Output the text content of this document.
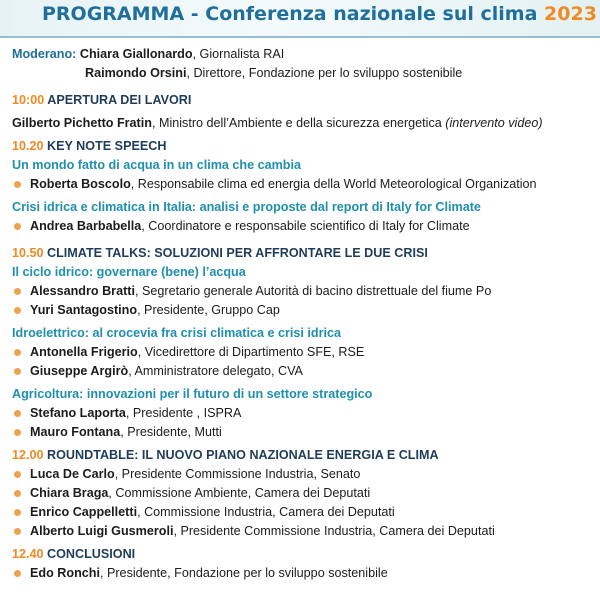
PROGRAMMA - Conferenza nazionale sul clima 2023
Moderano: Chiara Giallonardo, Giornalista RAI
Raimondo Orsini, Direttore, Fondazione per lo sviluppo sostenibile
10:00 APERTURA DEI LAVORI
Gilberto Pichetto Fratin, Ministro dell’Ambiente e della sicurezza energetica (intervento video)
10.20 KEY NOTE SPEECH
Un mondo fatto di acqua in un clima che cambia
Roberta Boscolo, Responsabile clima ed energia della World Meteorological Organization
Crisi idrica e climatica in Italia: analisi e proposte dal report di Italy for Climate
Andrea Barbabella, Coordinatore e responsabile scientifico di Italy for Climate
10.50 CLIMATE TALKS: SOLUZIONI PER AFFRONTARE LE DUE CRISI
Il ciclo idrico: governare (bene) l’acqua
Alessandro Bratti, Segretario generale Autorità di bacino distrettuale del fiume Po
Yuri Santagostino, Presidente, Gruppo Cap
Idroelettrico: al crocevia fra crisi climatica e crisi idrica
Antonella Frigerio, Vicedirettore di Dipartimento SFE, RSE
Giuseppe Argirò, Amministratore delegato, CVA
Agricoltura: innovazioni per il futuro di un settore strategico
Stefano Laporta, Presidente , ISPRA
Mauro Fontana, Presidente, Mutti
12.00 ROUNDTABLE: IL NUOVO PIANO NAZIONALE ENERGIA E CLIMA
Luca De Carlo, Presidente Commissione Industria, Senato
Chiara Braga, Commissione Ambiente, Camera dei Deputati
Enrico Cappelletti, Commissione Industria, Camera dei Deputati
Alberto Luigi Gusmeroli, Presidente Commissione Industria, Camera dei Deputati
12.40 CONCLUSIONI
Edo Ronchi, Presidente, Fondazione per lo sviluppo sostenibile
